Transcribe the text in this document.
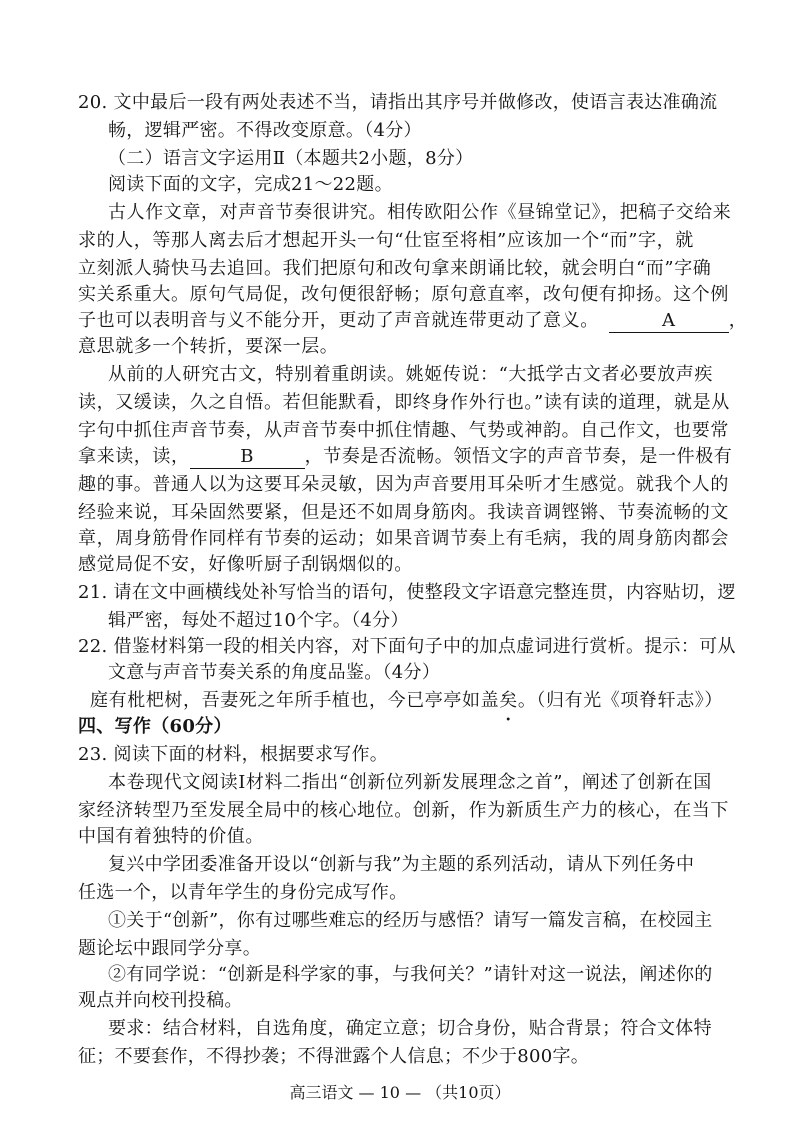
20. 文中最后一段有两处表述不当，请指出其序号并做修改，使语言表达准确流
畅，逻辑严密。不得改变原意。（4分）
（二）语言文字运用Ⅱ（本题共2小题，8分）
阅读下面的文字，完成21～22题。
古人作文章，对声音节奏很讲究。相传欧阳公作《昼锦堂记》，把稿子交给来
求的人，等那人离去后才想起开头一句“仕宦至将相”应该加一个“而”字，就
立刻派人骑快马去追回。我们把原句和改句拿来朗诵比较，就会明白“而”字确
实关系重大。原句气局促，改句便很舒畅；原句意直率，改句便有抑扬。这个例
子也可以表明音与义不能分开，更动了声音就连带更动了意义。	A	，
意思就多一个转折，要深一层。
从前的人研究古文，特别着重朗读。姚姬传说：“大抵学古文者必要放声疾
读，又缓读，久之自悟。若但能默看，即终身作外行也。”读有读的道理，就是从
字句中抓住声音节奏，从声音节奏中抓住情趣、气势或神韵。自己作文，也要常
拿来读，读，	B	，节奏是否流畅。领悟文字的声音节奏，是一件极有
趣的事。普通人以为这要耳朵灵敏，因为声音要用耳朵听才生感觉。就我个人的
经验来说，耳朵固然要紧，但是还不如周身筋肉。我读音调铿锵、节奏流畅的文
章，周身筋骨作同样有节奏的运动；如果音调节奏上有毛病，我的周身筋肉都会
感觉局促不安，好像听厨子刮锅烟似的。
21. 请在文中画横线处补写恰当的语句，使整段文字语意完整连贯，内容贴切，逻
辑严密，每处不超过10个字。（4分）
22. 借鉴材料第一段的相关内容，对下面句子中的加点虚词进行赏析。提示：可从
文意与声音节奏关系的角度品鉴。（4分）
庭有枇杷树，吾妻死之年所手植也，今已亭亭如盖矣。（归有光《项脊轩志》）
四、写作（60分）
23. 阅读下面的材料，根据要求写作。
本卷现代文阅读Ⅰ材料二指出“创新位列新发展理念之首”，阐述了创新在国
家经济转型乃至发展全局中的核心地位。创新，作为新质生产力的核心，在当下
中国有着独特的价值。
复兴中学团委准备开设以“创新与我”为主题的系列活动，请从下列任务中
任选一个，以青年学生的身份完成写作。
①关于“创新”，你有过哪些难忘的经历与感悟？请写一篇发言稿，在校园主
题论坛中跟同学分享。
②有同学说：“创新是科学家的事，与我何关？”请针对这一说法，阐述你的
观点并向校刊投稿。
要求：结合材料，自选角度，确定立意；切合身份，贴合背景；符合文体特
征；不要套作，不得抄袭；不得泄露个人信息；不少于800字。
高三语文 — 10 — （共10页）
